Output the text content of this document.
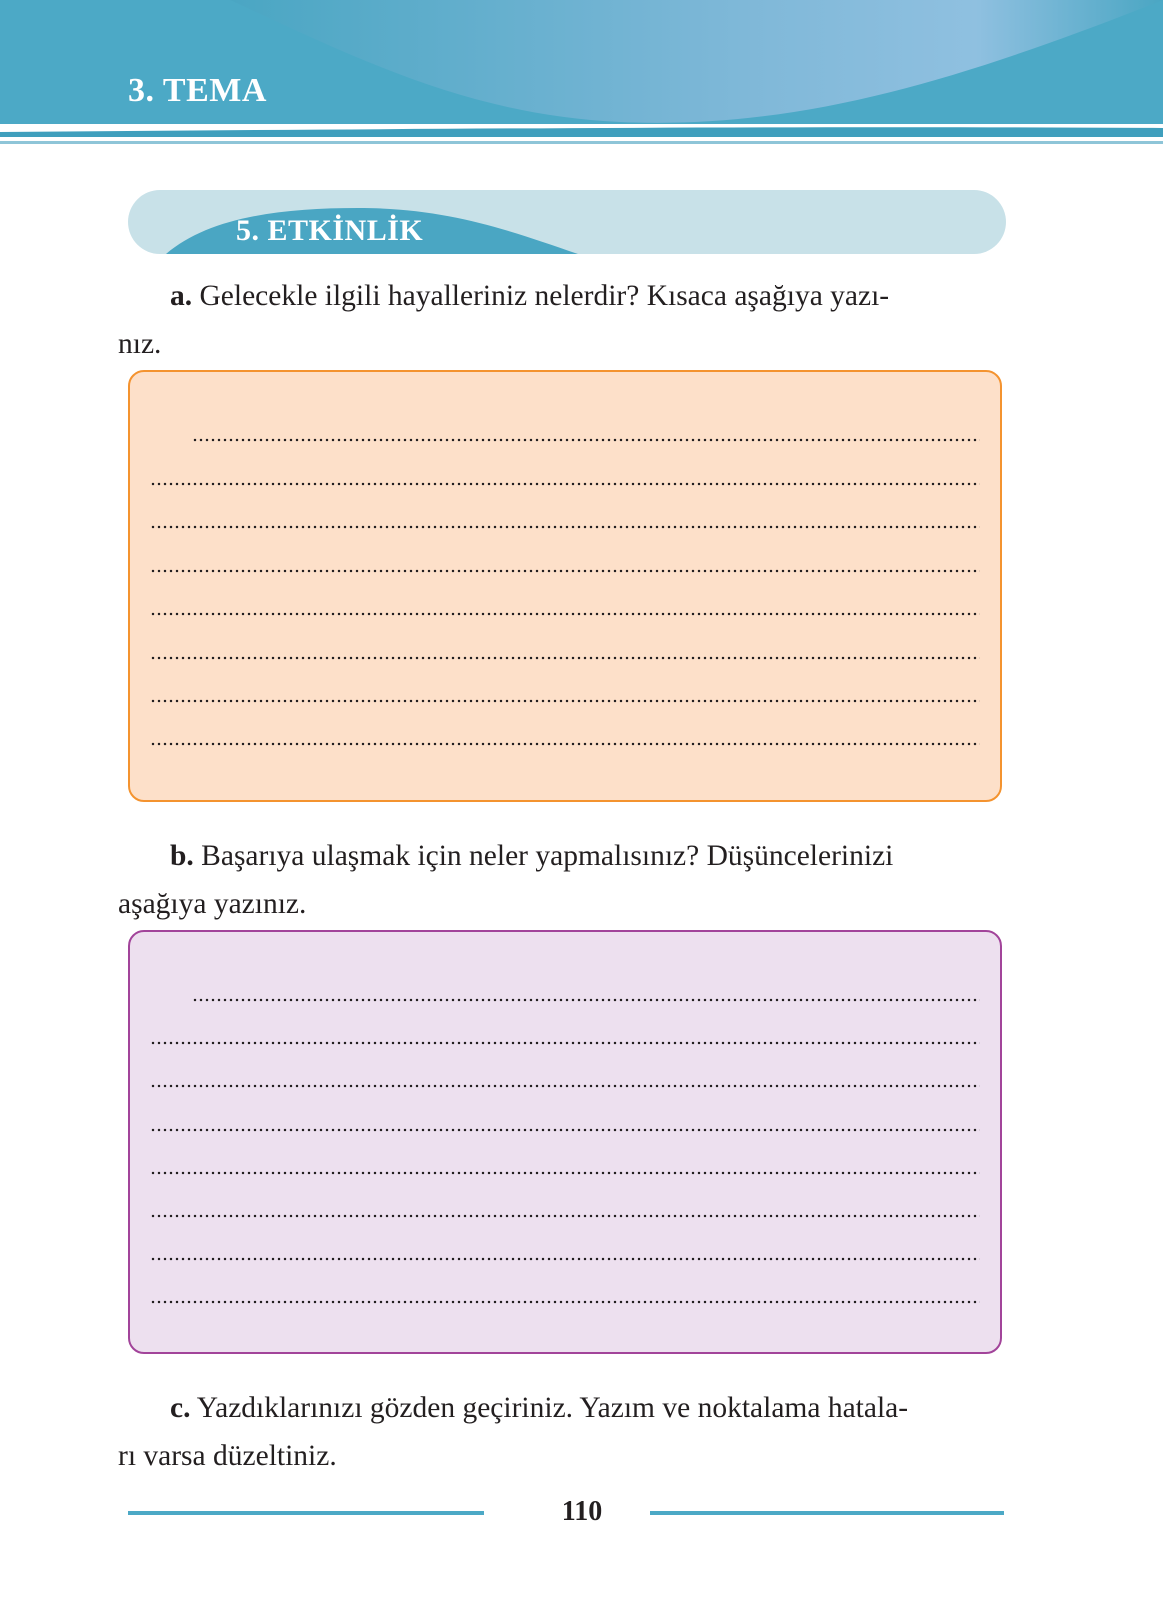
3. TEMA
5. ETKİNLİK
a. Gelecekle ilgili hayalleriniz nelerdir? Kısaca aşağıya yazı-
nız.
b. Başarıya ulaşmak için neler yapmalısınız? Düşüncelerinizi
aşağıya yazınız.
c. Yazdıklarınızı gözden geçiriniz. Yazım ve noktalama hatala-
rı varsa düzeltiniz.
110
